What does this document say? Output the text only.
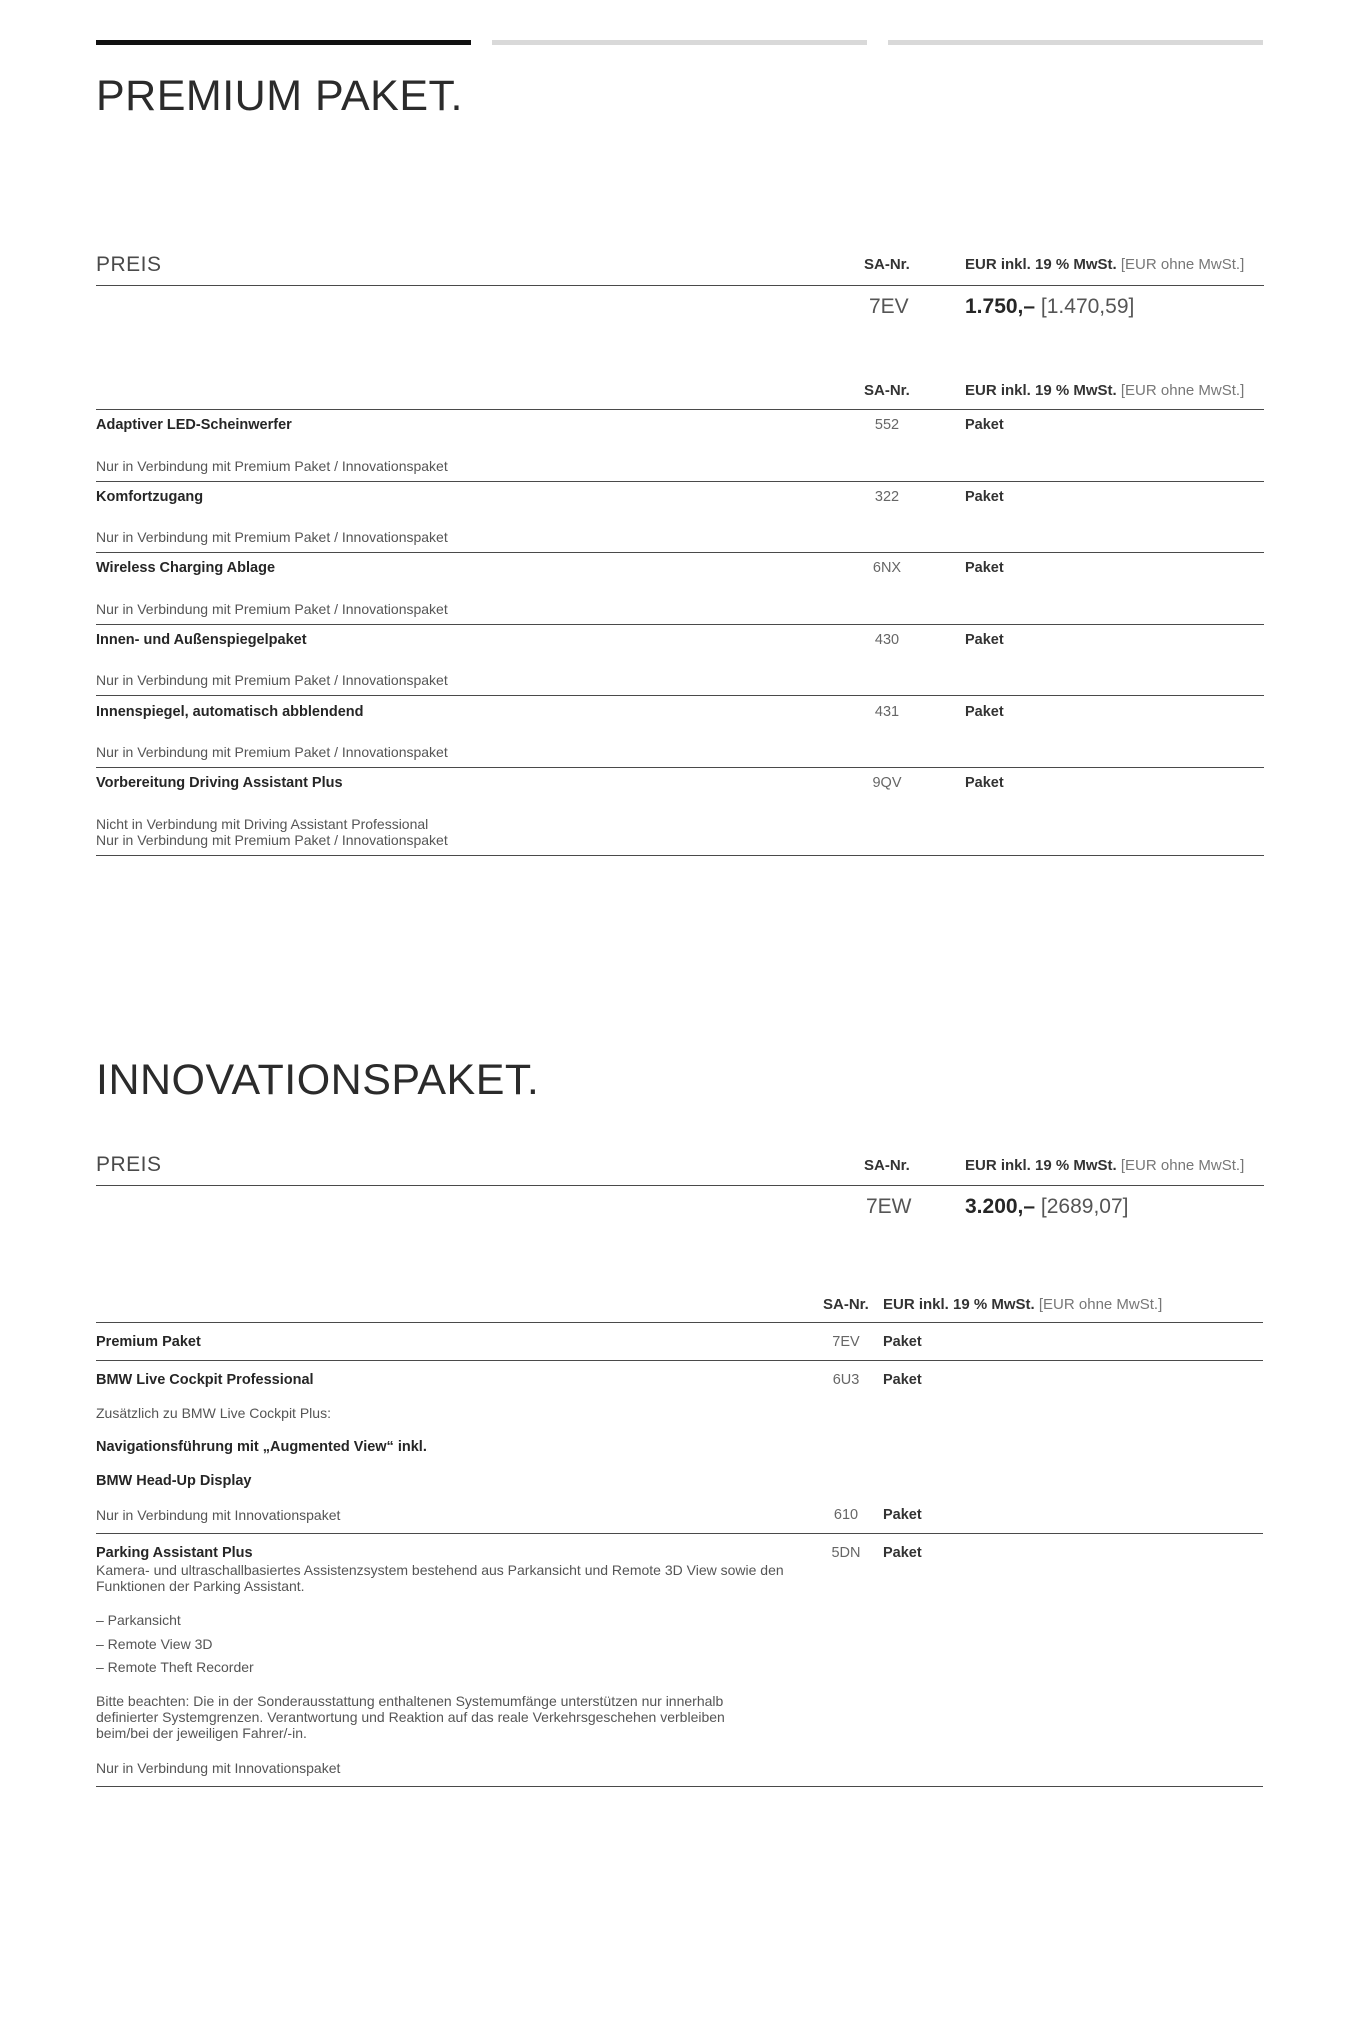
PREMIUM PAKET.
PREIS	SA-Nr.	EUR inkl. 19 % MwSt. [EUR ohne MwSt.]
7EV	1.750,– [1.470,59]
SA-Nr.	EUR inkl. 19 % MwSt. [EUR ohne MwSt.]
Adaptiver LED-Scheinwerfer	552	Paket
Nur in Verbindung mit Premium Paket / Innovationspaket
Komfortzugang	322	Paket
Nur in Verbindung mit Premium Paket / Innovationspaket
Wireless Charging Ablage	6NX	Paket
Nur in Verbindung mit Premium Paket / Innovationspaket
Innen- und Außenspiegelpaket	430	Paket
Nur in Verbindung mit Premium Paket / Innovationspaket
Innenspiegel, automatisch abblendend	431	Paket
Nur in Verbindung mit Premium Paket / Innovationspaket
Vorbereitung Driving Assistant Plus	9QV	Paket
Nicht in Verbindung mit Driving Assistant Professional
Nur in Verbindung mit Premium Paket / Innovationspaket
INNOVATIONSPAKET.
PREIS	SA-Nr.	EUR inkl. 19 % MwSt. [EUR ohne MwSt.]
7EW	3.200,– [2689,07]
SA-Nr. EUR inkl. 19 % MwSt. [EUR ohne MwSt.]
Premium Paket	7EV	Paket
BMW Live Cockpit Professional	6U3	Paket
Zusätzlich zu BMW Live Cockpit Plus:
Navigationsführung mit „Augmented View“ inkl.
BMW Head-Up Display
Nur in Verbindung mit Innovationspaket	610	Paket
Parking Assistant Plus	5DN	Paket
Kamera- und ultraschallbasiertes Assistenzsystem bestehend aus Parkansicht und Remote 3D View sowie den
Funktionen der Parking Assistant.
– Parkansicht
– Remote View 3D
– Remote Theft Recorder
Bitte beachten: Die in der Sonderausstattung enthaltenen Systemumfänge unterstützen nur innerhalb
definierter Systemgrenzen. Verantwortung und Reaktion auf das reale Verkehrsgeschehen verbleiben
beim/bei der jeweiligen Fahrer/-in.
Nur in Verbindung mit Innovationspaket
